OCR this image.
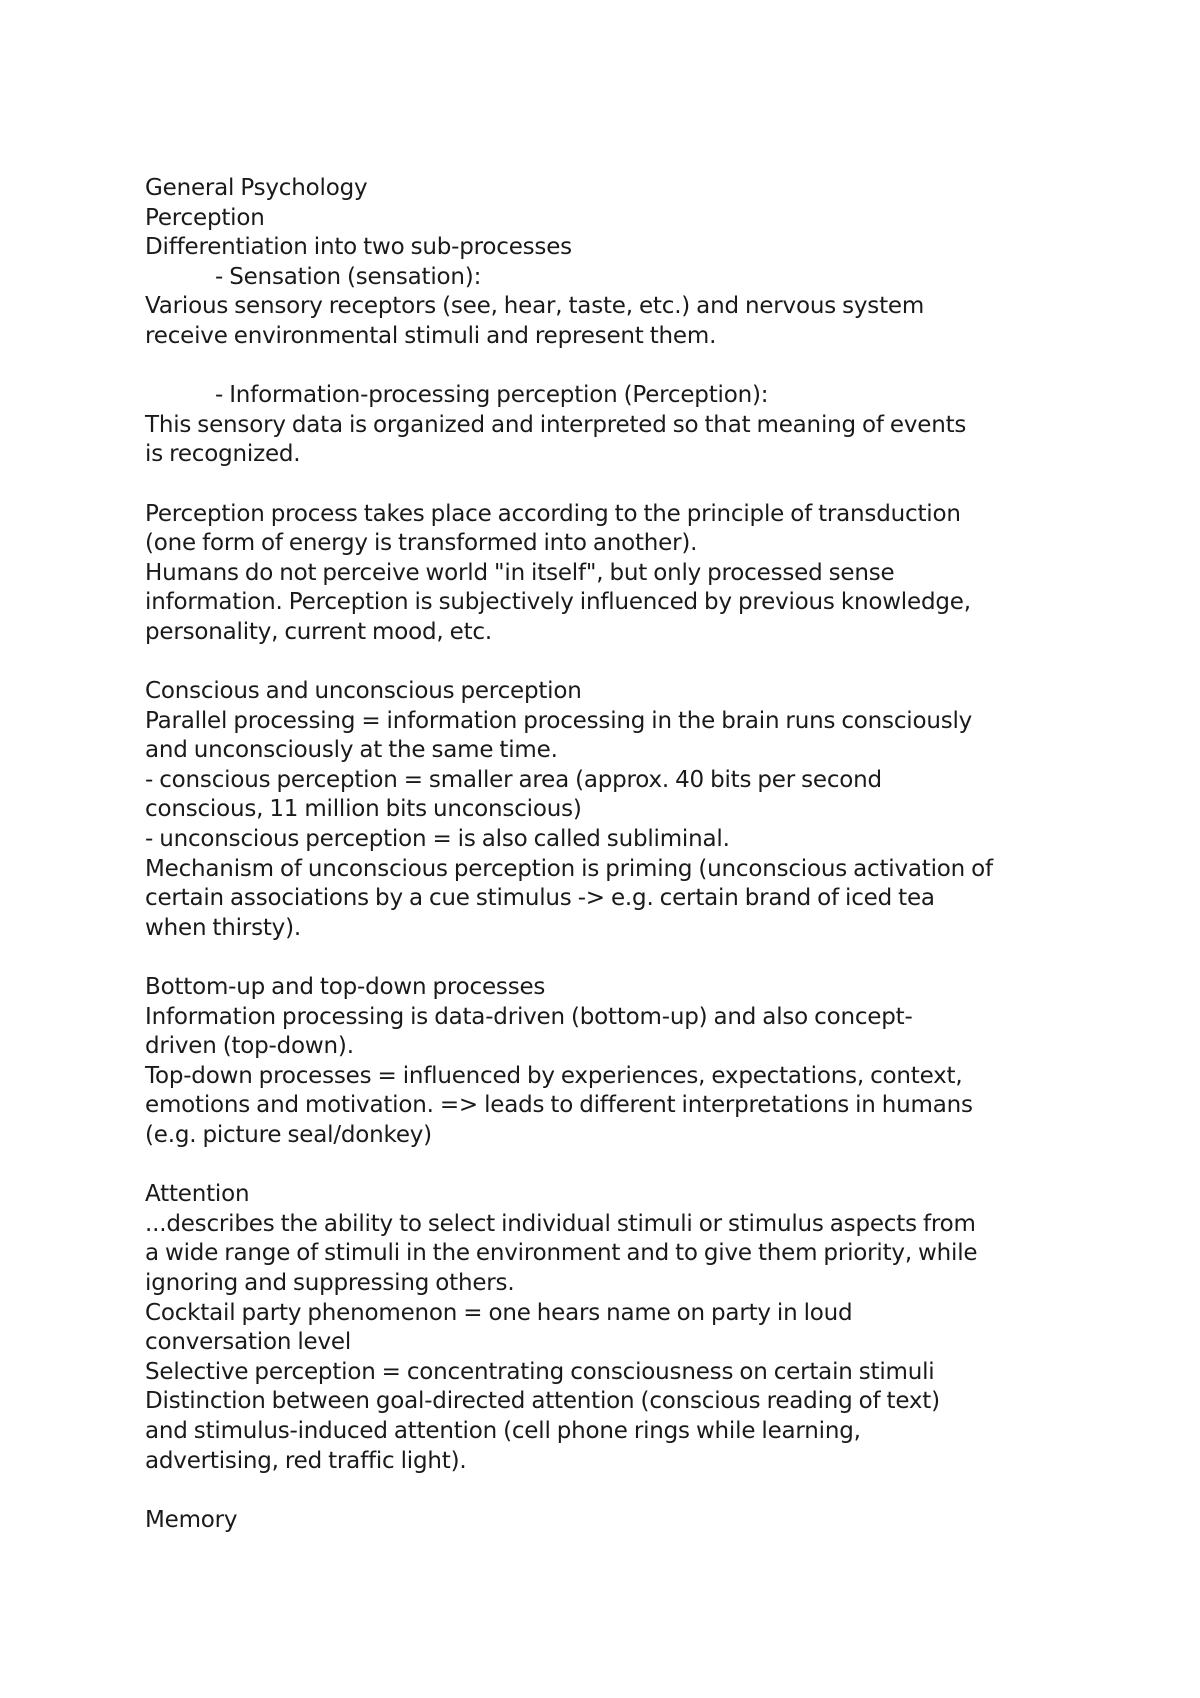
General Psychology
Perception
Differentiation into two sub-processes
- Sensation (sensation):
Various sensory receptors (see, hear, taste, etc.) and nervous system
receive environmental stimuli and represent them.
- Information-processing perception (Perception):
This sensory data is organized and interpreted so that meaning of events
is recognized.
Perception process takes place according to the principle of transduction
(one form of energy is transformed into another).
Humans do not perceive world "in itself", but only processed sense
information. Perception is subjectively influenced by previous knowledge,
personality, current mood, etc.
Conscious and unconscious perception
Parallel processing = information processing in the brain runs consciously
and unconsciously at the same time.
- conscious perception = smaller area (approx. 40 bits per second
conscious, 11 million bits unconscious)
- unconscious perception = is also called subliminal.
Mechanism of unconscious perception is priming (unconscious activation of
certain associations by a cue stimulus -> e.g. certain brand of iced tea
when thirsty).
Bottom-up and top-down processes
Information processing is data-driven (bottom-up) and also concept-
driven (top-down).
Top-down processes = influenced by experiences, expectations, context,
emotions and motivation. => leads to different interpretations in humans
(e.g. picture seal/donkey)
Attention
...describes the ability to select individual stimuli or stimulus aspects from
a wide range of stimuli in the environment and to give them priority, while
ignoring and suppressing others.
Cocktail party phenomenon = one hears name on party in loud
conversation level
Selective perception = concentrating consciousness on certain stimuli
Distinction between goal-directed attention (conscious reading of text)
and stimulus-induced attention (cell phone rings while learning,
advertising, red traffic light).
Memory
